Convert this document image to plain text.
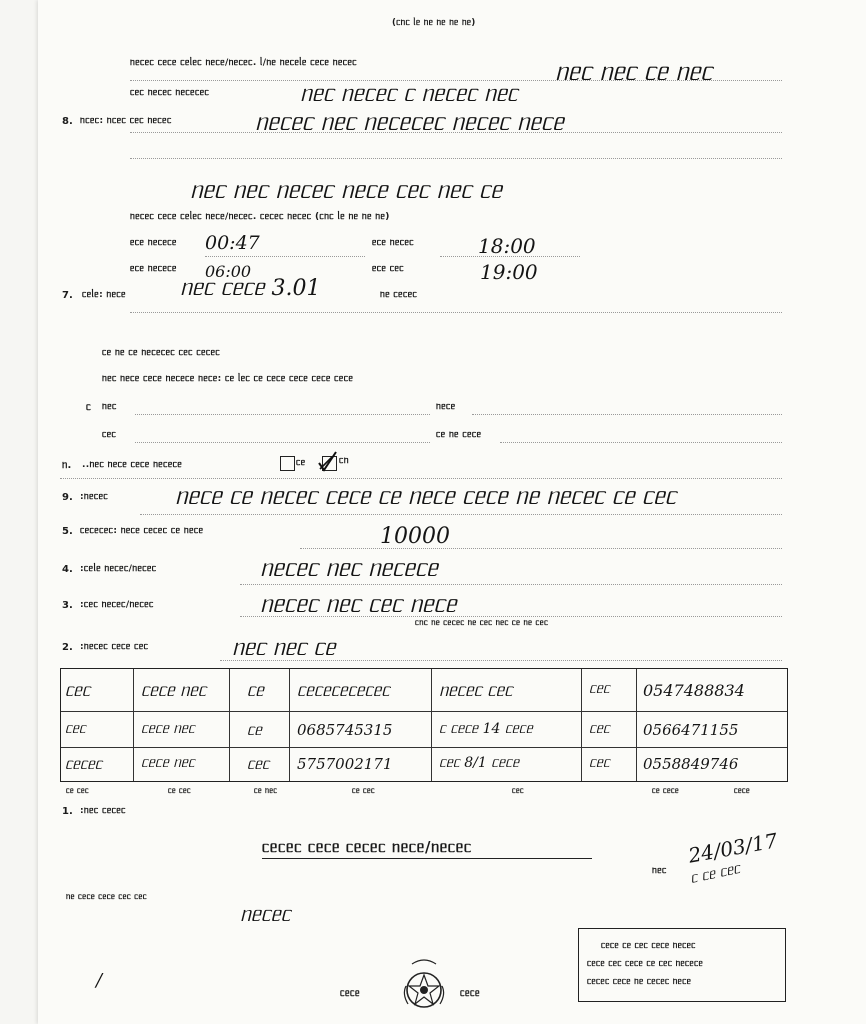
(ᥴᥒᥴ ᥣᥱ ᥒᥱ ᥒᥱ ᥒᥱ ᥒᥱ)
ᥒᥱᥴᥱᥴ ᥴᥱᥴᥱ ᥴᥱᥣᥱᥴ ᥒᥱᥴᥱ/ᥒᥱᥴᥱᥴ. ᥣ/ᥒᥱ ᥒᥱᥴᥱᥣᥱ ᥴᥱᥴᥱ ᥒᥱᥴᥱᥴ	ᥒᥱᥴ ᥒᥱᥴ ᥴᥱ ᥒᥱᥴ
ᥴᥱᥴ ᥒᥱᥴᥱᥴ ᥒᥱᥴᥱᥴᥱᥴ	ᥒᥱᥴ ᥒᥱᥴᥱᥴ ᥴ ᥒᥱᥴᥱᥴ ᥒᥱᥴ
8. ᥒᥴᥱᥴ: ᥒᥴᥱᥴ ᥴᥱᥴ ᥒᥱᥴᥱᥴ	ᥒᥱᥴᥱᥴ ᥒᥱᥴ ᥒᥱᥴᥱᥴᥱᥴ ᥒᥱᥴᥱᥴ ᥒᥱᥴᥱ
ᥒᥱᥴ ᥒᥱᥴ ᥒᥱᥴᥱᥴ ᥒᥱᥴᥱ ᥴᥱᥴ ᥒᥱᥴ ᥴᥱ
ᥒᥱᥴᥱᥴ ᥴᥱᥴᥱ ᥴᥱᥣᥱᥴ ᥒᥱᥴᥱ/ᥒᥱᥴᥱᥴ. ᥴᥱᥴᥱᥴ ᥒᥱᥴᥱᥴ (ᥴᥒᥴ ᥣᥱ ᥒᥱ ᥒᥱ ᥒᥱ)
ᥱᥴᥱ ᥒᥱᥴᥱᥴᥱ 00:47	ᥱᥴᥱ ᥒᥱᥴᥱᥴ	18:00
ᥱᥴᥱ ᥒᥱᥴᥱᥴᥱ 06:00	ᥱᥴᥱ ᥴᥱᥴ	19:00
7. ᥴᥱᥣᥱ: ᥒᥱᥴᥱ ᥒᥱᥴ ᥴᥱᥴᥱ 3.01	ᥒᥱ ᥴᥱᥴᥱᥴ
ᥴᥱ ᥒᥱ ᥴᥱ ᥒᥱᥴᥱᥴᥱᥴ ᥴᥱᥴ ᥴᥱᥴᥱᥴ
ᥒᥱᥴ ᥒᥱᥴᥱ ᥴᥱᥴᥱ ᥒᥱᥴᥱᥴᥱ ᥒᥱᥴᥱ: ᥴᥱ ᥣᥱᥴ ᥴᥱ ᥴᥱᥴᥱ ᥴᥱᥴᥱ ᥴᥱᥴᥱ ᥴᥱᥴᥱ
ᥴ ᥒᥱᥴ	ᥒᥱᥴᥱ
ᥴᥱᥴ	ᥴᥱ ᥒᥱ ᥴᥱᥴᥱ
ᥒ. ᥒᥱᥴ ᥒᥱᥴᥱ ᥴᥱᥴᥱ ᥒᥱᥴᥱᥴᥱ..	ᥴᥱ	ᥴᥒ
9. ᥒᥱᥴᥱᥴ:	ᥒᥱᥴᥱ ᥴᥱ ᥒᥱᥴᥱᥴ ᥴᥱᥴᥱ ᥴᥱ ᥒᥱᥴᥱ ᥴᥱᥴᥱ ᥒᥱ ᥒᥱᥴᥱᥴ ᥴᥱ ᥴᥱᥴ
5. ᥴᥱᥴᥱᥴᥱᥴ: ᥒᥱᥴᥱ ᥴᥱᥴᥱᥴ ᥴᥱ ᥒᥱᥴᥱ	10000
4. ᥴᥱᥣᥱ ᥒᥱᥴᥱᥴ/ᥒᥱᥴᥱᥴ:	ᥒᥱᥴᥱᥴ ᥒᥱᥴ ᥒᥱᥴᥱᥴᥱ
3. ᥴᥱᥴ ᥒᥱᥴᥱᥴ/ᥒᥱᥴᥱᥴ:	ᥒᥱᥴᥱᥴ ᥒᥱᥴ ᥴᥱᥴ ᥒᥱᥴᥱ
ᥴᥒᥴ ᥒᥱ ᥴᥱᥴᥱᥴ ᥒᥱ ᥴᥱᥴ ᥒᥱᥴ ᥴᥱ ᥒᥱ ᥴᥱᥴ
2. ᥒᥱᥴᥱᥴ ᥴᥱᥴᥱ ᥴᥱᥴ:	ᥒᥱᥴ ᥒᥱᥴ ᥴᥱ
ᥴᥱᥴ	ᥴᥱᥴᥱ ᥒᥱᥴ ᥴᥱ ᥴᥱᥴᥱᥴᥱᥴᥱᥴᥱᥴ	ᥒᥱᥴᥱᥴ ᥴᥱᥴ	ᥴᥱᥴ 0547488834
ᥴᥱᥴ	ᥴᥱᥴᥱ ᥒᥱᥴ	ᥴᥱ 0685745315	ᥴ ᥴᥱᥴᥱ 14 ᥴᥱᥴᥱ	ᥴᥱᥴ 0566471155
ᥴᥱᥴᥱᥴ	ᥴᥱᥴᥱ ᥒᥱᥴ	ᥴᥱᥴ 5757002171	ᥴᥱᥴ 8/1 ᥴᥱᥴᥱ	ᥴᥱᥴ 0558849746
ᥴᥱ ᥴᥱᥴ	ᥴᥱ ᥴᥱᥴ	ᥴᥱ ᥒᥱᥴ	ᥴᥱ ᥴᥱᥴ	ᥴᥱᥴ	ᥴᥱ ᥴᥱᥴᥱ	ᥴᥱᥴᥱ
1. ᥒᥱᥴ ᥴᥱᥴᥱᥴ:
ᥴᥱᥴᥱᥴ ᥴᥱᥴᥱ ᥴᥱᥴᥱᥴ ᥒᥱᥴᥱ/ᥒᥱᥴᥱᥴ
ᥒᥱᥴ
24/03/17
ᥴ ᥴᥱ ᥴᥱᥴ
ᥒᥱ ᥴᥱᥴᥱ ᥴᥱᥴᥱ ᥴᥱᥴ ᥴᥱᥴ
ᥒᥱᥴᥱᥴ
/
ᥴᥱᥴᥱ	ᥴᥱᥴᥱ
ᥴᥱᥴᥱ ᥴᥱ ᥴᥱᥴ ᥴᥱᥴᥱ ᥒᥱᥴᥱᥴ
ᥴᥱᥴᥱ ᥴᥱᥴ ᥴᥱᥴᥱ ᥴᥱ ᥴᥱᥴ ᥒᥱᥴᥱᥴᥱ
ᥴᥱᥴᥱᥴ ᥴᥱᥴᥱ ᥒᥱ ᥴᥱᥴᥱᥴ ᥒᥱᥴᥱ
